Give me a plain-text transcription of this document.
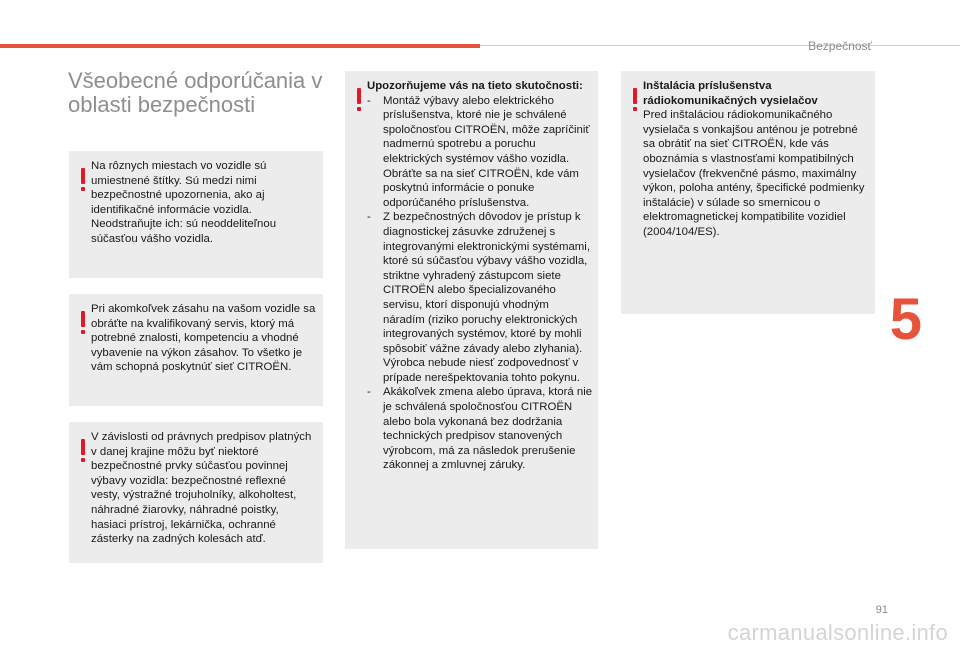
Bezpečnosť
Všeobecné odporúčania v oblasti bezpečnosti

Na rôznych miestach vo vozidle sú umiestnené štítky. Sú medzi nimi bezpečnostné upozornenia, ako aj identifikačné informácie vozidla. Neodstraňujte ich: sú neoddeliteľnou súčasťou vášho vozidla.

Pri akomkoľvek zásahu na vašom vozidle sa obráťte na kvalifikovaný servis, ktorý má potrebné znalosti, kompetenciu a vhodné vybavenie na výkon zásahov. To všetko je vám schopná poskytnúť sieť CITROËN.

V závislosti od právnych predpisov platných v danej krajine môžu byť niektoré bezpečnostné prvky súčasťou povinnej výbavy vozidla: bezpečnostné reflexné vesty, výstražné trojuholníky, alkoholtest, náhradné žiarovky, náhradné poistky, hasiaci prístroj, lekárnička, ochranné zásterky na zadných kolesách atď.

Upozorňujeme vás na tieto skutočnosti:

- Montáž výbavy alebo elektrického príslušenstva, ktoré nie je schválené spoločnosťou CITROËN, môže zapríčiniť nadmernú spotrebu a poruchu elektrických systémov vášho vozidla. Obráťte sa na sieť CITROËN, kde vám poskytnú informácie o ponuke odporúčaného príslušenstva.
- Z bezpečnostných dôvodov je prístup k diagnostickej zásuvke združenej s integrovanými elektronickými systémami, ktoré sú súčasťou výbavy vášho vozidla, striktne vyhradený zástupcom siete CITROËN alebo špecializovaného servisu, ktorí disponujú vhodným náradím (riziko poruchy elektronických integrovaných systémov, ktoré by mohli spôsobiť vážne závady alebo zlyhania). Výrobca nebude niesť zodpovednosť v prípade nerešpektovania tohto pokynu.
- Akákoľvek zmena alebo úprava, ktorá nie je schválená spoločnosťou CITROËN alebo bola vykonaná bez dodržania technických predpisov stanovených výrobcom, má za následok prerušenie zákonnej a zmluvnej záruky.

Inštalácia príslušenstva rádiokomunikačných vysielačov

Pred inštaláciou rádiokomunikačného vysielača s vonkajšou anténou je potrebné sa obrátiť na sieť CITROËN, kde vás oboznámia s vlastnosťami kompatibilných vysielačov (frekvenčné pásmo, maximálny výkon, poloha antény, špecifické podmienky inštalácie) v súlade so smernicou o elektromagnetickej kompatibilite vozidiel (2004/104/ES).

5
91
carmanualsonline.info
